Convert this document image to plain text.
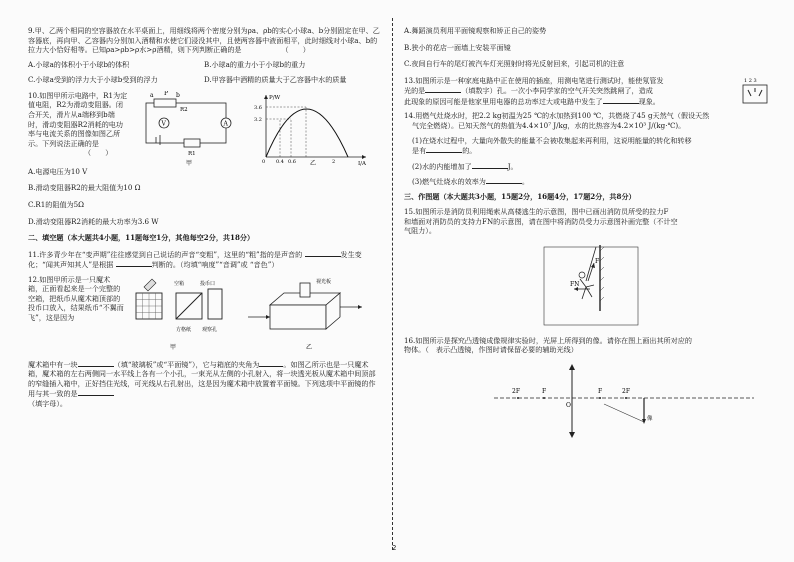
9.甲、乙两个相同的空容器放在水平桌面上，用细线将两个密度分别为ρa、ρb的实心小球a、b分别固定在甲、乙容器底，再向甲、乙容器内分别加入酒精和水使它们浸没其中，且使两容器中液面相平，此时细线对小球a、b的拉力大小恰好相等。已知ρa>ρb>ρ水>ρ酒精，则下列判断正确的是	（　　）

A.小球a的体积小于小球b的体积	B.小球a的重力小于小球b的重力
C.小球a受到的浮力大于小球b受到的浮力	D.甲容器中酒精的质量大于乙容器中水的质量

10.如图甲所示电路中，R1为定值电阻，R2为滑动变阻器。闭合开关，滑片从a端移到b端时，滑动变阻器R2消耗的电功率与电流关系的图像如图乙所示。下列说法正确的是
（　　）

a	b
P
V
R1
R2
A
甲
P/W
I/A
3.6
3.2
0 0.4 0.6	2
乙

A.电源电压为10 V

B.滑动变阻器R2的最大阻值为10 Ω

C.R1的阻值为5Ω

D.滑动变阻器R2消耗的最大功率为3.6 W

二、填空题（本大题共4小题，11题每空1分，其他每空2分，共18分）

11.许多青少年在“变声期”往往感觉到自己说话的声音“变粗”，这里的“粗”指的是声音的	发生变化；“闻其声知其人”是根据	判断的。（均填“响度”“音调”或 “音色”）

12.如图甲所示是一只魔术箱，正面看起来是一个完整的空箱，把纸币从魔术箱顶部的投币口放入，结果纸币“不翼而飞”，这是因为

空箱	投币口
方格纸 观察孔
甲
视光板
乙

魔术箱中有一块	（填“玻璃板”或“平面镜”），它与箱底的夹角为	。如图乙所示也是一只魔术箱，魔术箱的左右两侧同一水平线上各有一个小孔，一束光从左侧的小孔射入，将一块透光板从魔术箱中间顶部的窄缝插入箱中，正好挡住光线，可光线从右孔射出，这是因为魔术箱中放置着平面镜。下列选项中平面镜的作用与其一致的是
（填字母）。

A.舞蹈演员利用平面镜观察和矫正自己的姿势

B.狭小的花店一面墙上安装平面镜

C.夜间自行车的尾灯被汽车灯光照射时将光反射回来，引起司机的注意

13.如图所示是一种家庭电路中正在使用的插座，用测电笔进行测试时，能使氖管发
光的是	（填数字）孔。一次小李同学家的空气开关突然跳闸了，造成
此现象的原因可能是他家里用电器的总功率过大或电路中发生了	现象。

1 2 3

14.用燃气灶烧水时，把2.2 kg初温为25 ℃的水加热到100 ℃，共燃烧了45 g天然气（假设天然
气完全燃烧）。已知天然气的热值为4.4×10⁷ J/kg，水的比热容为4.2×10³ J/(kg·℃)。

(1)在烧水过程中，大量向外散失的能量不会被收集起来再利用，这说明能量的转化和转移
是有	的。

(2)水的内能增加了	J。

(3)燃气灶烧水的效率为	。

三、作图题（本大题共3小题，15题2分，16题4分，17题2分，共8分）

15.如图所示是消防员利用绳索从高楼逃生的示意图，图中已画出消防员所受的拉力F
和墙面对消防员的支持力FN的示意图，请在图中将消防员受力示意图补画完整（不计空
气阻力）。

F
FN

16.如图所示是探究凸透镜成像规律实验时，光屏上所得到的像。请你在图上画出其所对应的
物体。（　表示凸透镜，作图时请保留必要的辅助光线）

2F	F
O
F	2F
像
2
